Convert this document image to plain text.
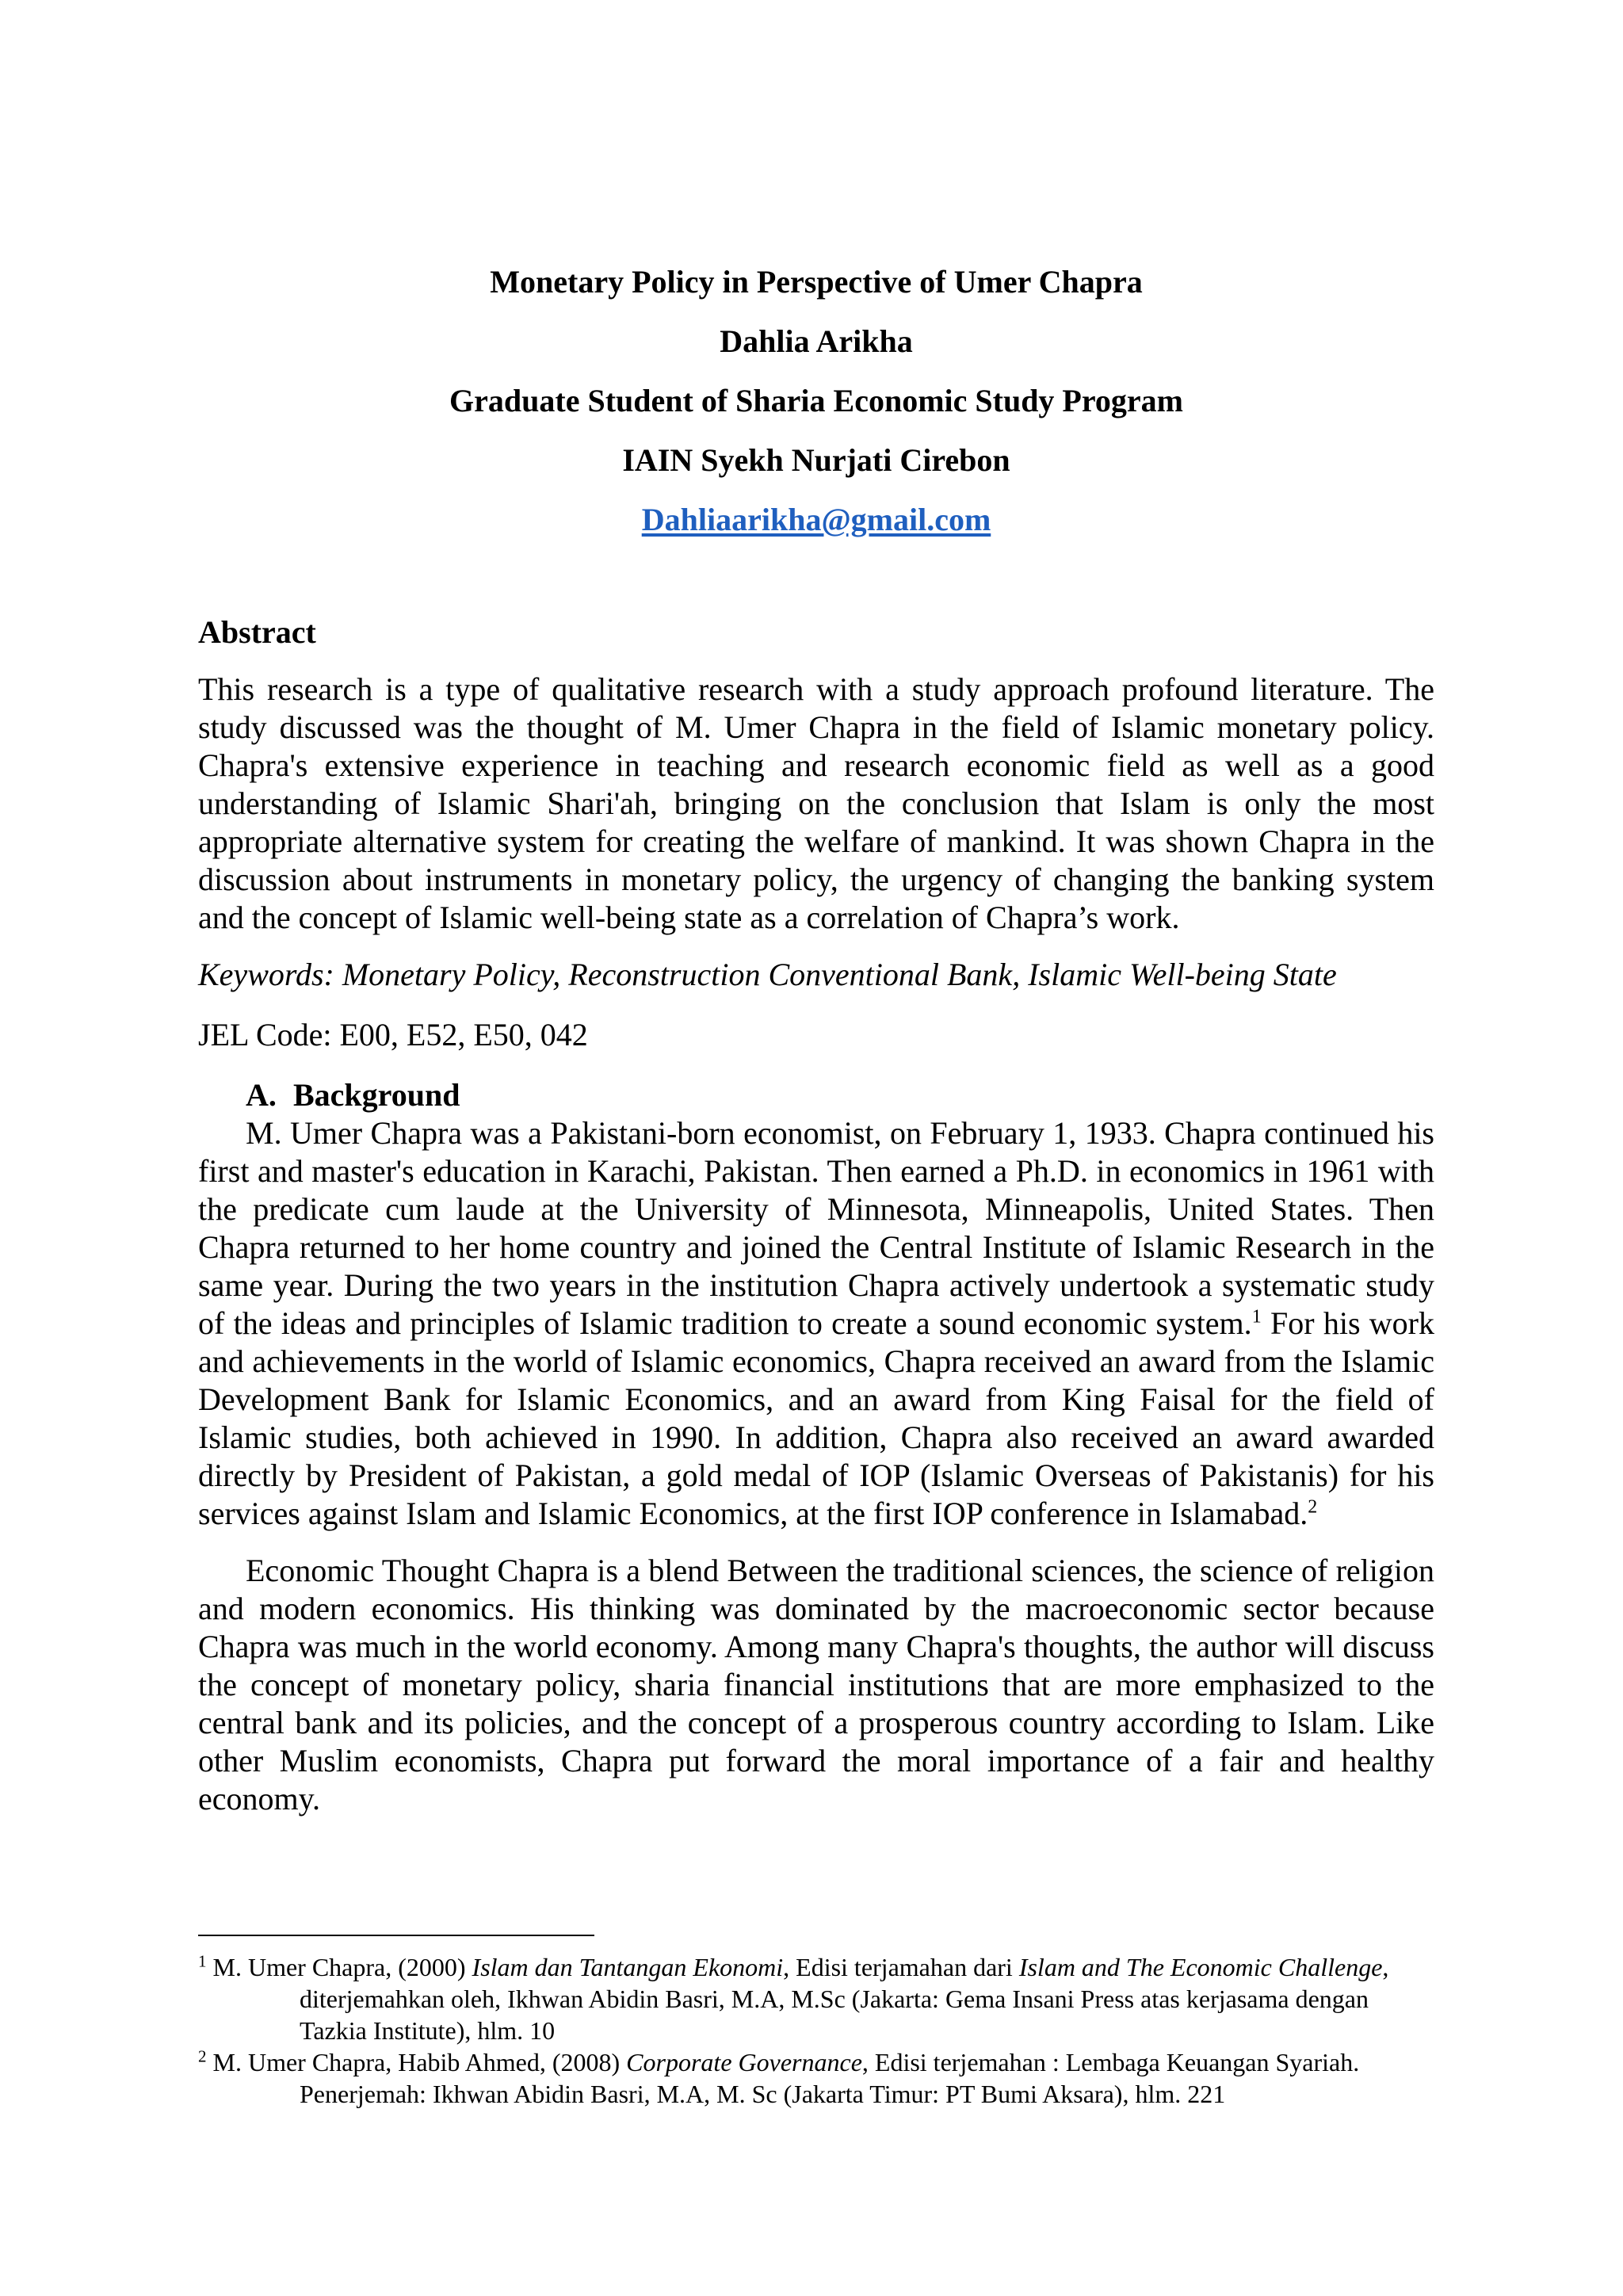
Monetary Policy in Perspective of Umer Chapra
Dahlia Arikha
Graduate Student of Sharia Economic Study Program
IAIN Syekh Nurjati Cirebon
Dahliaarikha@gmail.com
Abstract

This research is a type of qualitative research with a study approach profound literature. The study discussed was the thought of M. Umer Chapra in the field of Islamic monetary policy. Chapra's extensive experience in teaching and research economic field as well as a good understanding of Islamic Shari'ah, bringing on the conclusion that Islam is only the most appropriate alternative system for creating the welfare of mankind. It was shown Chapra in the discussion about instruments in monetary policy, the urgency of changing the banking system and the concept of Islamic well-being state as a correlation of Chapra’s work.

Keywords: Monetary Policy, Reconstruction Conventional Bank, Islamic Well-being State

JEL Code: E00, E52, E50, 042

A. Background

M. Umer Chapra was a Pakistani-born economist, on February 1, 1933. Chapra continued his first and master's education in Karachi, Pakistan. Then earned a Ph.D. in economics in 1961 with the predicate cum laude at the University of Minnesota, Minneapolis, United States. Then Chapra returned to her home country and joined the Central Institute of Islamic Research in the same year. During the two years in the institution Chapra actively undertook a systematic study of the ideas and principles of Islamic tradition to create a sound economic system.$^1$ For his work and achievements in the world of Islamic economics, Chapra received an award from the Islamic Development Bank for Islamic Economics, and an award from King Faisal for the field of Islamic studies, both achieved in 1990. In addition, Chapra also received an award awarded directly by President of Pakistan, a gold medal of IOP (Islamic Overseas of Pakistanis) for his services against Islam and Islamic Economics, at the first IOP conference in Islamabad.$^2$

Economic Thought Chapra is a blend Between the traditional sciences, the science of religion and modern economics. His thinking was dominated by the macroeconomic sector because Chapra was much in the world economy. Among many Chapra's thoughts, the author will discuss the concept of monetary policy, sharia financial institutions that are more emphasized to the central bank and its policies, and the concept of a prosperous country according to Islam. Like other Muslim economists, Chapra put forward the moral importance of a fair and healthy economy.

$^1$ M. Umer Chapra, (2000) Islam dan Tantangan Ekonomi, Edisi terjamahan dari Islam and The Economic Challenge, diterjemahkan oleh, Ikhwan Abidin Basri, M.A, M.Sc (Jakarta: Gema Insani Press atas kerjasama dengan Tazkia Institute), hlm. 10

$^2$ M. Umer Chapra, Habib Ahmed, (2008) Corporate Governance, Edisi terjemahan : Lembaga Keuangan Syariah. Penerjemah: Ikhwan Abidin Basri, M.A, M. Sc (Jakarta Timur: PT Bumi Aksara), hlm. 221
